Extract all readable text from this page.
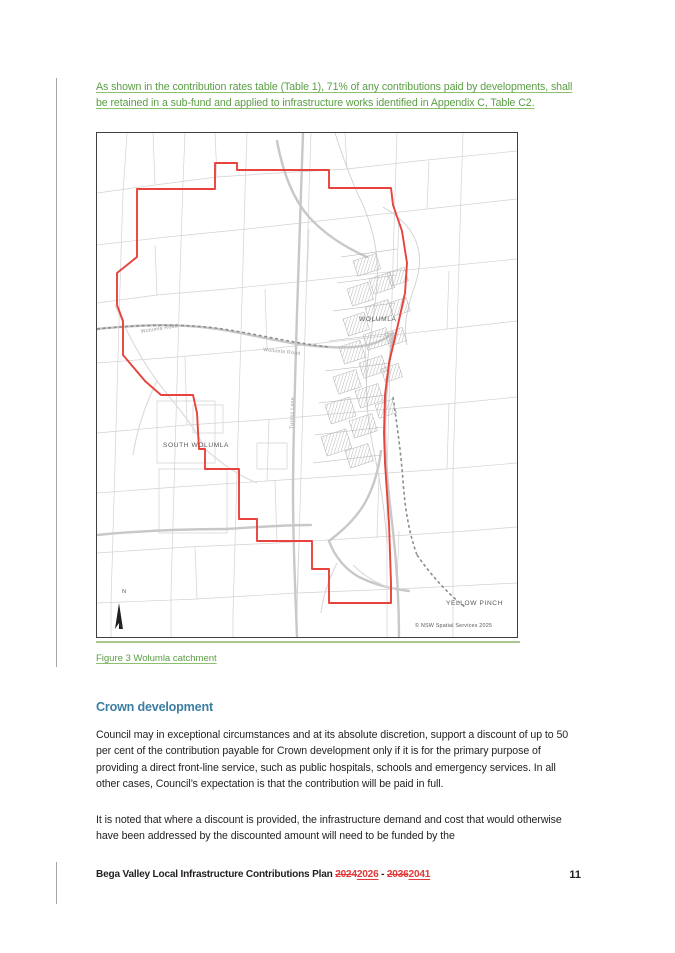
As shown in the contribution rates table (Table 1), 71% of any contributions paid by developments, shall be retained in a sub-fund and applied to infrastructure works identified in Appendix C, Table C2.
WOLUMLA
SOUTH WOLUMLA
YELLOW PINCH
Wolumla Road
Wolumla Road
Tuross Lane
© NSW Spatial Services 2025
N
Figure 3 Wolumla catchment
Crown development
Council may in exceptional circumstances and at its absolute discretion, support a discount of up to 50 per cent of the contribution payable for Crown development only if it is for the primary purpose of providing a direct front-line service, such as public hospitals, schools and emergency services. In all other cases, Council’s expectation is that the contribution will be paid in full.
It is noted that where a discount is provided, the infrastructure demand and cost that would otherwise have been addressed by the discounted amount will need to be funded by the
Bega Valley Local Infrastructure Contributions Plan 20242026 - 20362041	11
